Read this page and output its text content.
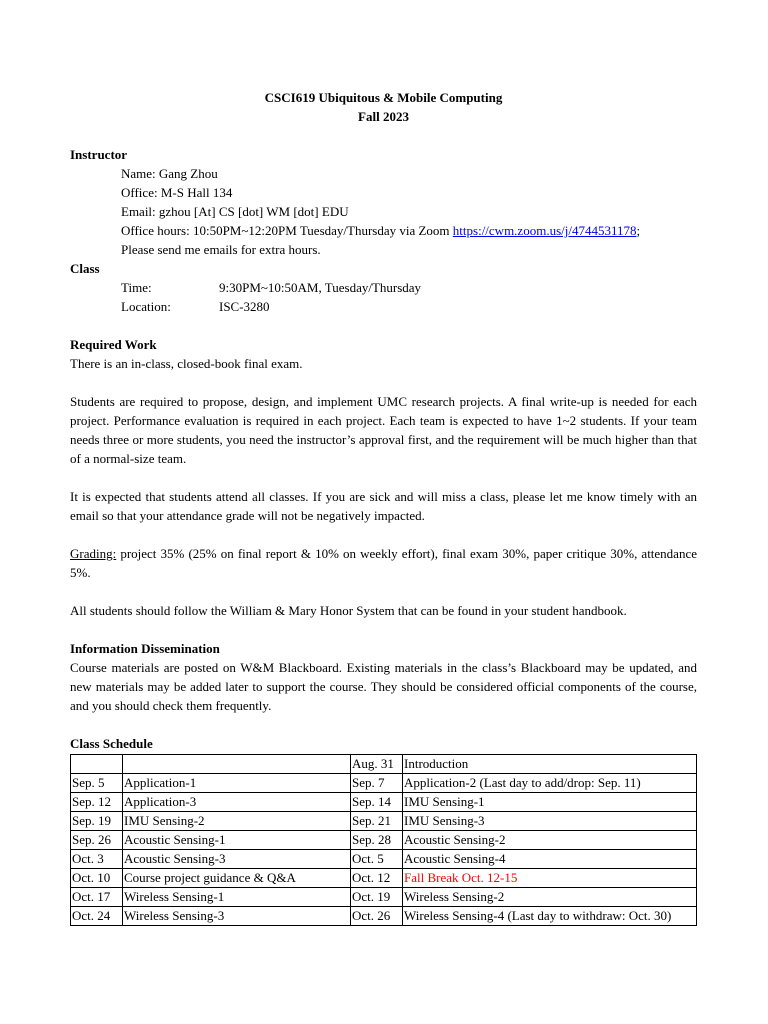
CSCI619 Ubiquitous & Mobile Computing
Fall 2023
Instructor
Name: Gang Zhou
Office: M-S Hall 134
Email: gzhou [At] CS [dot] WM [dot] EDU
Office hours: 10:50PM~12:20PM Tuesday/Thursday via Zoom https://cwm.zoom.us/j/4744531178;
Please send me emails for extra hours.
Class
Time:	9:30PM~10:50AM, Tuesday/Thursday
Location:	ISC-3280
Required Work
There is an in-class, closed-book final exam.
Students are required to propose, design, and implement UMC research projects. A final write-up is needed for each project. Performance evaluation is required in each project. Each team is expected to have 1~2 students. If your team needs three or more students, you need the instructor’s approval first, and the requirement will be much higher than that of a normal-size team.
It is expected that students attend all classes. If you are sick and will miss a class, please let me know timely with an email so that your attendance grade will not be negatively impacted.
Grading: project 35% (25% on final report & 10% on weekly effort), final exam 30%, paper critique 30%, attendance 5%.
All students should follow the William & Mary Honor System that can be found in your student handbook.
Information Dissemination
Course materials are posted on W&M Blackboard. Existing materials in the class’s Blackboard may be updated, and new materials may be added later to support the course. They should be considered official components of the course, and you should check them frequently.
Class Schedule
		Aug. 31	Introduction
Sep. 5	Application-1	Sep. 7	Application-2 (Last day to add/drop: Sep. 11)
Sep. 12	Application-3	Sep. 14	IMU Sensing-1
Sep. 19	IMU Sensing-2	Sep. 21	IMU Sensing-3
Sep. 26	Acoustic Sensing-1	Sep. 28	Acoustic Sensing-2
Oct. 3	Acoustic Sensing-3	Oct. 5	Acoustic Sensing-4
Oct. 10	Course project guidance & Q&A	Oct. 12	Fall Break Oct. 12-15
Oct. 17	Wireless Sensing-1	Oct. 19	Wireless Sensing-2
Oct. 24	Wireless Sensing-3	Oct. 26	Wireless Sensing-4 (Last day to withdraw: Oct. 30)
